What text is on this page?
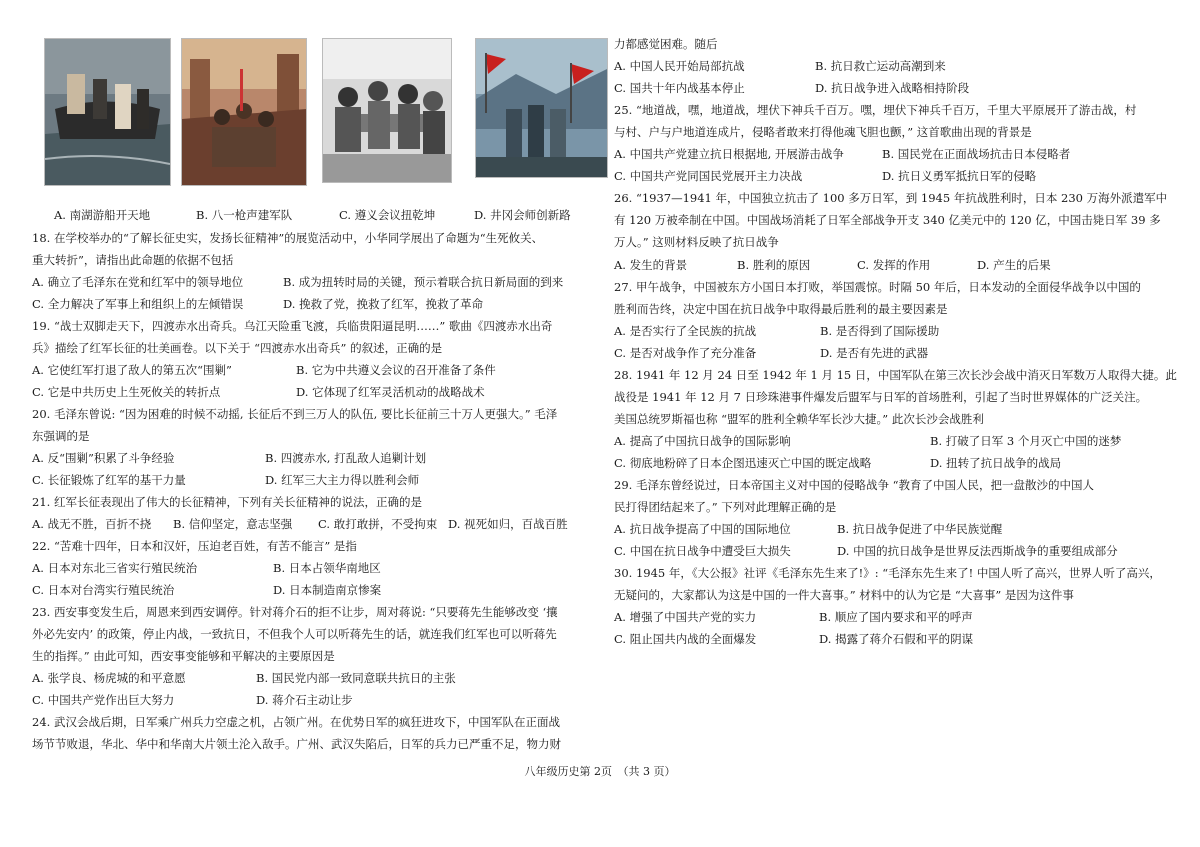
A. 南湖游船开天地	B. 八一枪声建军队	C. 遵义会议扭乾坤	D. 井冈会师创新路
18. 在学校举办的“了解长征史实，发扬长征精神”的展览活动中，小华同学展出了命题为“生死攸关、
重大转折”，请指出此命题的依据不包括
A. 确立了毛泽东在党和红军中的领导地位	B. 成为扭转时局的关键，预示着联合抗日新局面的到来
C. 全力解决了军事上和组织上的左倾错误	D. 挽救了党，挽救了红军，挽救了革命
19. “战士双脚走天下，四渡赤水出奇兵。乌江天险重飞渡，兵临贵阳逼昆明……” 歌曲《四渡赤水出奇
兵》描绘了红军长征的壮美画卷。以下关于 “四渡赤水出奇兵” 的叙述，正确的是
A. 它使红军打退了敌人的第五次“围剿”	B. 它为中共遵义会议的召开准备了条件
C. 它是中共历史上生死攸关的转折点	D. 它体现了红军灵活机动的战略战术
20. 毛泽东曾说: “因为困难的时候不动摇, 长征后不到三万人的队伍, 要比长征前三十万人更强大。” 毛泽
东强调的是
A. 反“围剿”积累了斗争经验	B. 四渡赤水, 打乱敌人追剿计划
C. 长征锻炼了红军的基干力量	D. 红军三大主力得以胜利会师
21. 红军长征表现出了伟大的长征精神，下列有关长征精神的说法，正确的是
A. 战无不胜，百折不挠 B. 信仰坚定，意志坚强 C. 敢打敢拼，不受拘束 D. 视死如归，百战百胜
22. “苦难十四年，日本和汉奸，压迫老百姓，有苦不能言” 是指
A. 日本对东北三省实行殖民统治	B. 日本占领华南地区
C. 日本对台湾实行殖民统治	D. 日本制造南京惨案
23. 西安事变发生后，周恩来到西安调停。针对蒋介石的拒不让步，周对蒋说: “只要蒋先生能够改变 ‘攘
外必先安内’ 的政策，停止内战，一致抗日，不但我个人可以听蒋先生的话，就连我们红军也可以听蒋先
生的指挥。” 由此可知，西安事变能够和平解决的主要原因是
A. 张学良、杨虎城的和平意愿	B. 国民党内部一致同意联共抗日的主张
C. 中国共产党作出巨大努力	D. 蒋介石主动让步
24. 武汉会战后期，日军乘广州兵力空虚之机，占领广州。在优势日军的疯狂进攻下，中国军队在正面战
场节节败退，华北、华中和华南大片领土沦入敌手。广州、武汉失陷后，日军的兵力已严重不足，物力财
力都感觉困难。随后
A. 中国人民开始局部抗战	B. 抗日救亡运动高潮到来
C. 国共十年内战基本停止	D. 抗日战争进入战略相持阶段
25. “地道战，嘿，地道战，埋伏下神兵千百万。嘿，埋伏下神兵千百万，千里大平原展开了游击战，村
与村、户与户地道连成片，侵略者敢来打得他魂飞胆也颤，” 这首歌曲出现的背景是
A. 中国共产党建立抗日根据地, 开展游击战争	B. 国民党在正面战场抗击日本侵略者
C. 中国共产党同国民党展开主力决战	D. 抗日义勇军抵抗日军的侵略
26. “1937—1941 年，中国独立抗击了 100 多万日军，到 1945 年抗战胜利时，日本 230 万海外派遣军中
有 120 万被牵制在中国。中国战场消耗了日军全部战争开支 340 亿美元中的 120 亿，中国击毙日军 39 多
万人。” 这则材料反映了抗日战争
A. 发生的背景	B. 胜利的原因	C. 发挥的作用	D. 产生的后果
27. 甲午战争，中国被东方小国日本打败，举国震惊。时隔 50 年后，日本发动的全面侵华战争以中国的
胜利而告终，决定中国在抗日战争中取得最后胜利的最主要因素是
A. 是否实行了全民族的抗战	B. 是否得到了国际援助
C. 是否对战争作了充分准备	D. 是否有先进的武器
28. 1941 年 12 月 24 日至 1942 年 1 月 15 日，中国军队在第三次长沙会战中消灭日军数万人取得大捷。此
战役是 1941 年 12 月 7 日珍珠港事件爆发后盟军与日军的首场胜利，引起了当时世界媒体的广泛关注。
美国总统罗斯福也称 “盟军的胜利全赖华军长沙大捷。” 此次长沙会战胜利
A. 提高了中国抗日战争的国际影响	B. 打破了日军 3 个月灭亡中国的迷梦
C. 彻底地粉碎了日本企图迅速灭亡中国的既定战略	D. 扭转了抗日战争的战局
29. 毛泽东曾经说过，日本帝国主义对中国的侵略战争 “教育了中国人民，把一盘散沙的中国人
民打得团结起来了。” 下列对此理解正确的是
A. 抗日战争提高了中国的国际地位	B. 抗日战争促进了中华民族觉醒
C. 中国在抗日战争中遭受巨大损失	D. 中国的抗日战争是世界反法西斯战争的重要组成部分
30. 1945 年，《大公报》社评《毛泽东先生来了!》: “毛泽东先生来了! 中国人听了高兴，世界人听了高兴，
无疑问的，大家都认为这是中国的一件大喜事。” 材料中的认为它是 “大喜事” 是因为这件事
A. 增强了中国共产党的实力	B. 顺应了国内要求和平的呼声
C. 阻止国共内战的全面爆发	D. 揭露了蒋介石假和平的阴谋
八年级历史第 2页　（共 3 页）
